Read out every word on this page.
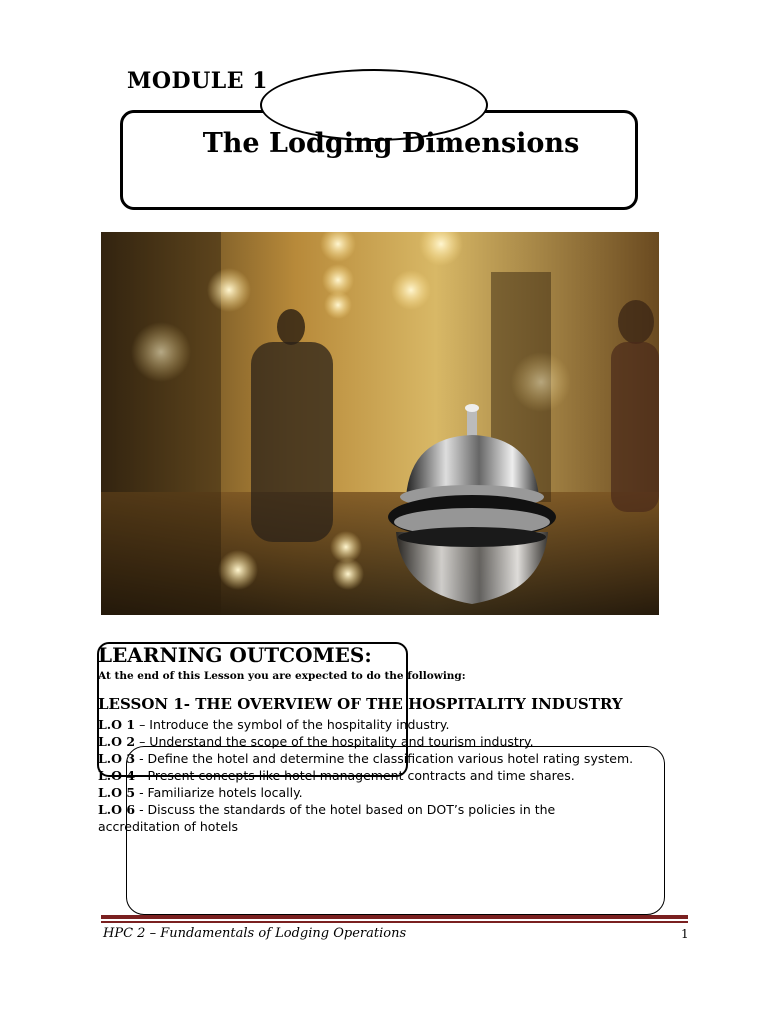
MODULE 1
The Lodging Dimensions
LEARNING OUTCOMES:
At the end of this Lesson you are expected to do the following:
LESSON 1- THE OVERVIEW OF THE HOSPITALITY INDUSTRY
L.O 1 – Introduce the symbol of the hospitality industry.
L.O 2 – Understand the scope of the hospitality and tourism industry.
L.O 3 - Define the hotel and determine the classification various hotel rating system.
L.O 4 - Present concepts like hotel management contracts and time shares.
L.O 5 - Familiarize hotels locally.
L.O 6 - Discuss the standards of the hotel based on DOT’s policies in the accreditation of hotels
HPC 2 – Fundamentals of Lodging Operations	1
